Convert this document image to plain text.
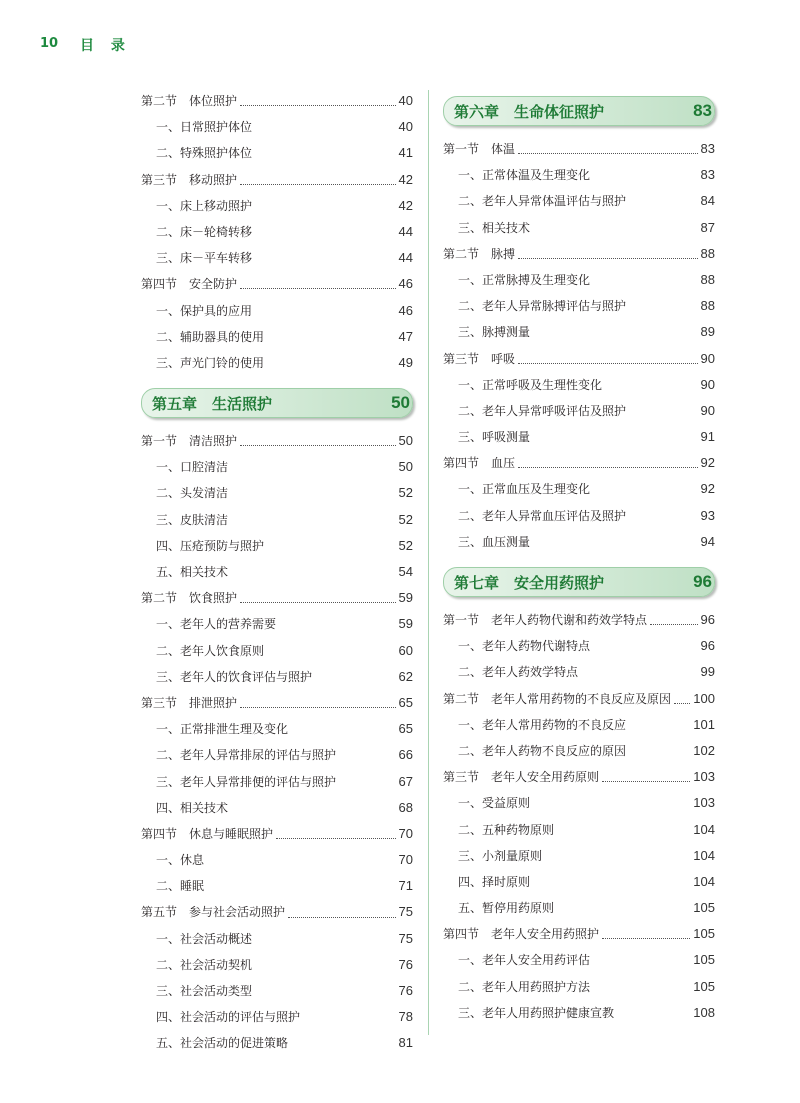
10 目 录
第二节　体位照护	40
一、日常照护体位	40
二、特殊照护体位	41
第三节　移动照护	42
一、床上移动照护	42
二、床－轮椅转移	44
三、床－平车转移	44
第四节　安全防护	46
一、保护具的应用	46
二、辅助器具的使用	47
三、声光门铃的使用	49
第五章　生活照护	50
第一节　清洁照护	50
一、口腔清洁	50
二、头发清洁	52
三、皮肤清洁	52
四、压疮预防与照护	52
五、相关技术	54
第二节　饮食照护	59
一、老年人的营养需要	59
二、老年人饮食原则	60
三、老年人的饮食评估与照护	62
第三节　排泄照护	65
一、正常排泄生理及变化	65
二、老年人异常排尿的评估与照护	66
三、老年人异常排便的评估与照护	67
四、相关技术	68
第四节　休息与睡眠照护	70
一、休息	70
二、睡眠	71
第五节　参与社会活动照护	75
一、社会活动概述	75
二、社会活动契机	76
三、社会活动类型	76
四、社会活动的评估与照护	78
五、社会活动的促进策略	81
第六章　生命体征照护	83
第一节　体温	83
一、正常体温及生理变化	83
二、老年人异常体温评估与照护	84
三、相关技术	87
第二节　脉搏	88
一、正常脉搏及生理变化	88
二、老年人异常脉搏评估与照护	88
三、脉搏测量	89
第三节　呼吸	90
一、正常呼吸及生理性变化	90
二、老年人异常呼吸评估及照护	90
三、呼吸测量	91
第四节　血压	92
一、正常血压及生理变化	92
二、老年人异常血压评估及照护	93
三、血压测量	94
第七章　安全用药照护	96
第一节　老年人药物代谢和药效学特点	96
一、老年人药物代谢特点	96
二、老年人药效学特点	99
第二节　老年人常用药物的不良反应及原因 100
一、老年人常用药物的不良反应	101
二、老年人药物不良反应的原因	102
第三节　老年人安全用药原则	103
一、受益原则	103
二、五种药物原则	104
三、小剂量原则	104
四、择时原则	104
五、暂停用药原则	105
第四节　老年人安全用药照护	105
一、老年人安全用药评估	105
二、老年人用药照护方法	105
三、老年人用药照护健康宣教	108
